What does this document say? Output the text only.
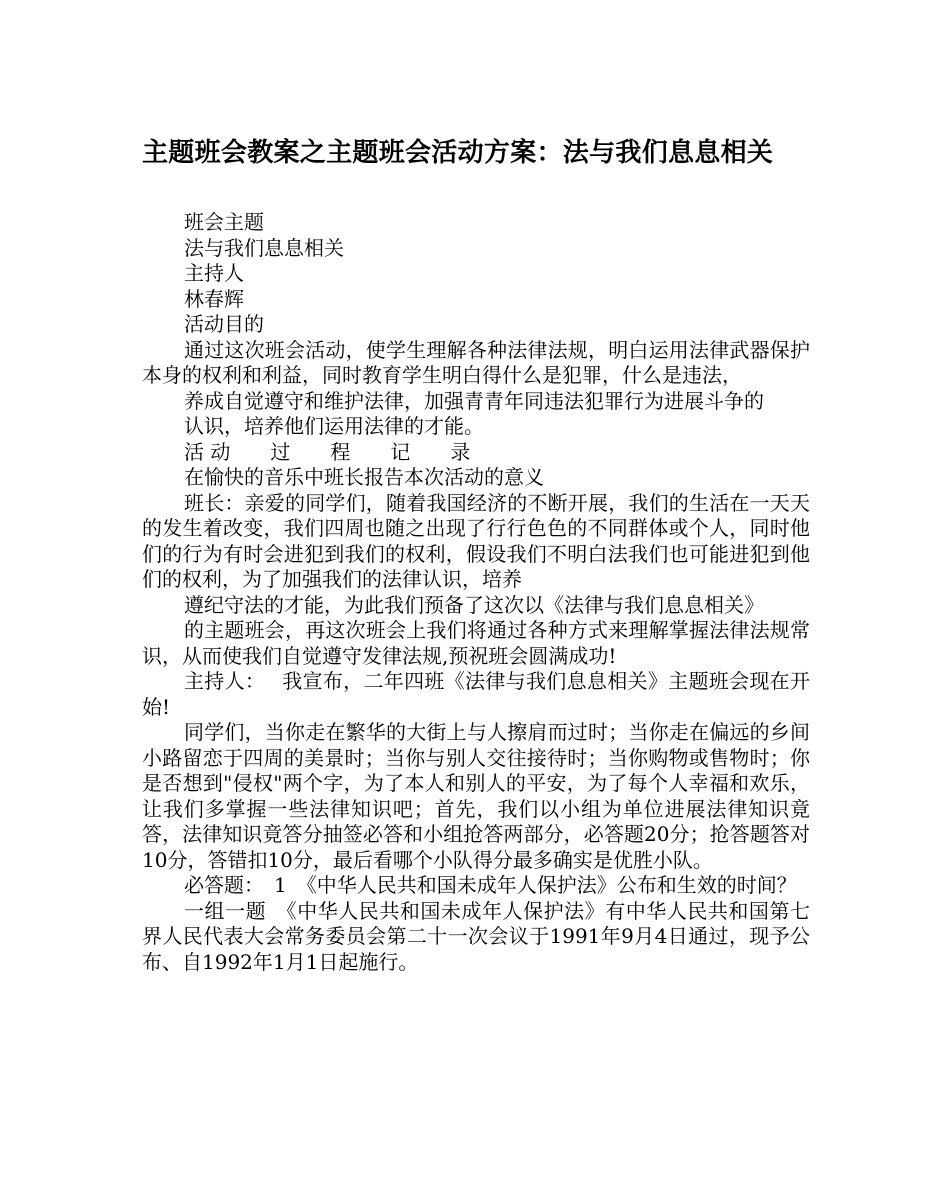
主题班会教案之主题班会活动方案：法与我们息息相关

班会主题

法与我们息息相关

主持人

林春辉

活动目的

通过这次班会活动，使学生理解各种法律法规，明白运用法律武器保护本身的权利和利益，同时教育学生明白得什么是犯罪，什么是违法，

养成自觉遵守和维护法律，加强青青年同违法犯罪行为进展斗争的

认识，培养他们运用法律的才能。

活 动　　过　　程　　记　　录

在愉快的音乐中班长报告本次活动的意义

班长：亲爱的同学们，随着我国经济的不断开展，我们的生活在一天天的发生着改变，我们四周也随之出现了行行色色的不同群体或个人，同时他们的行为有时会进犯到我们的权利，假设我们不明白法我们也可能进犯到他们的权利，为了加强我们的法律认识，培养

遵纪守法的才能，为此我们预备了这次以《法律与我们息息相关》

的主题班会，再这次班会上我们将通过各种方式来理解掌握法律法规常识，从而使我们自觉遵守发律法规,预祝班会圆满成功!

主持人：　 我宣布，二年四班《法律与我们息息相关》主题班会现在开始!

同学们，当你走在繁华的大街上与人擦肩而过时；当你走在偏远的乡间小路留恋于四周的美景时；当你与别人交往接待时；当你购物或售物时；你是否想到"侵权"两个字，为了本人和别人的平安，为了每个人幸福和欢乐，让我们多掌握一些法律知识吧；首先，我们以小组为单位进展法律知识竟答，法律知识竟答分抽签必答和小组抢答两部分，必答题20分；抢答题答对10分，答错扣10分，最后看哪个小队得分最多确实是优胜小队。

必答题：　1　《中华人民共和国未成年人保护法》公布和生效的时间？

一组一题　《中华人民共和国未成年人保护法》有中华人民共和国第七界人民代表大会常务委员会第二十一次会议于1991年9月4日通过，现予公布、自1992年1月1日起施行。
